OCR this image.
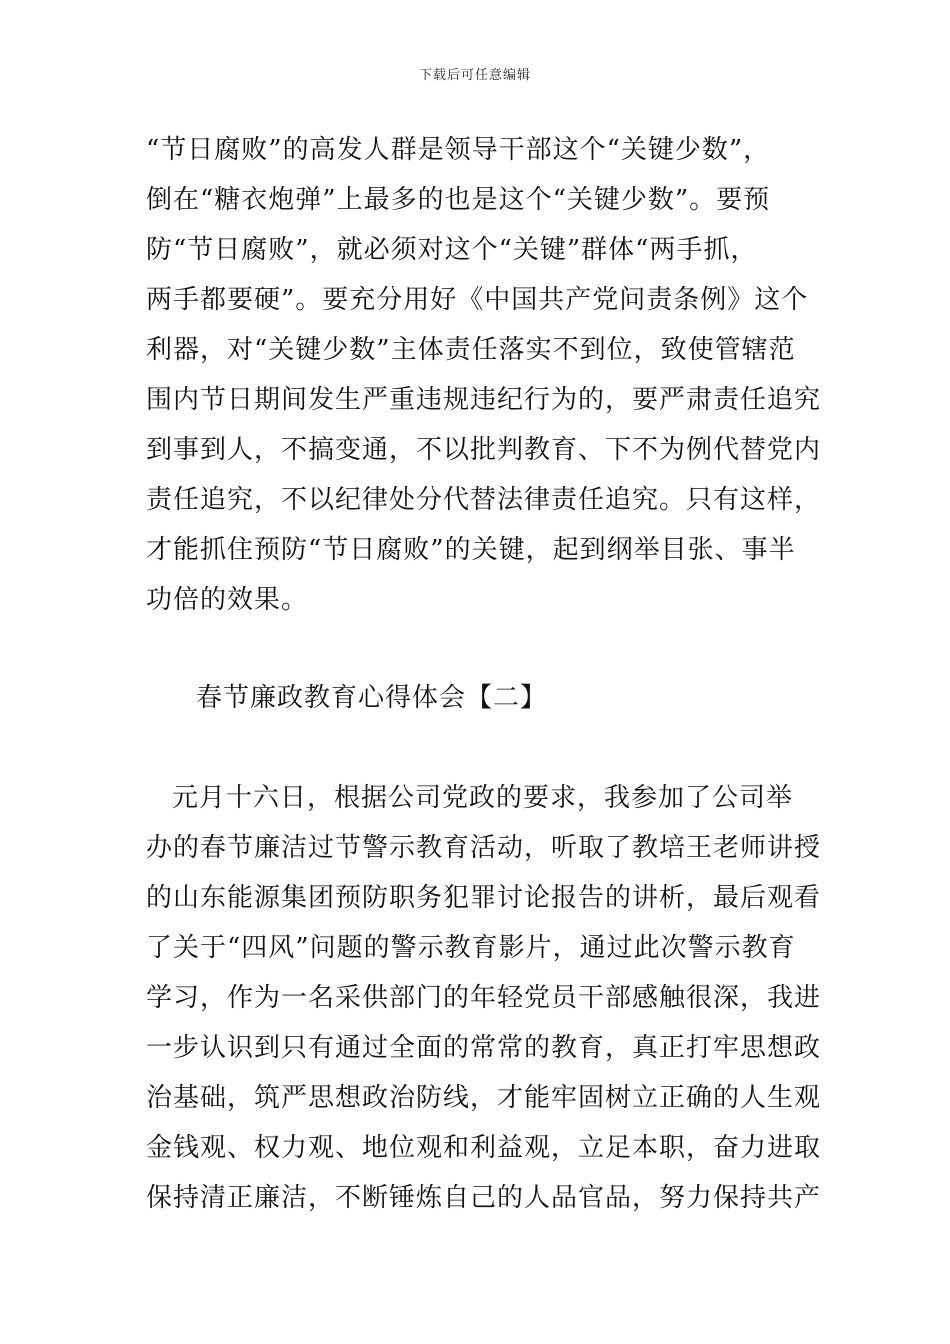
下载后可任意编辑
“节日腐败”的高发人群是领导干部这个“关键少数”，
倒在“糖衣炮弹”上最多的也是这个“关键少数”。要预
防“节日腐败”，就必须对这个“关键”群体“两手抓，
两手都要硬”。要充分用好《中国共产党问责条例》这个
利器，对“关键少数”主体责任落实不到位，致使管辖范
围内节日期间发生严重违规违纪行为的，要严肃责任追究
到事到人，不搞变通，不以批判教育、下不为例代替党内
责任追究，不以纪律处分代替法律责任追究。只有这样，
才能抓住预防“节日腐败”的关键，起到纲举目张、事半
功倍的效果。
春节廉政教育心得体会【二】
元月十六日，根据公司党政的要求，我参加了公司举
办的春节廉洁过节警示教育活动，听取了教培王老师讲授
的山东能源集团预防职务犯罪讨论报告的讲析，最后观看
了关于“四风”问题的警示教育影片，通过此次警示教育
学习，作为一名采供部门的年轻党员干部感触很深，我进
一步认识到只有通过全面的常常的教育，真正打牢思想政
治基础，筑严思想政治防线，才能牢固树立正确的人生观
金钱观、权力观、地位观和利益观，立足本职，奋力进取
保持清正廉洁，不断锤炼自己的人品官品，努力保持共产
